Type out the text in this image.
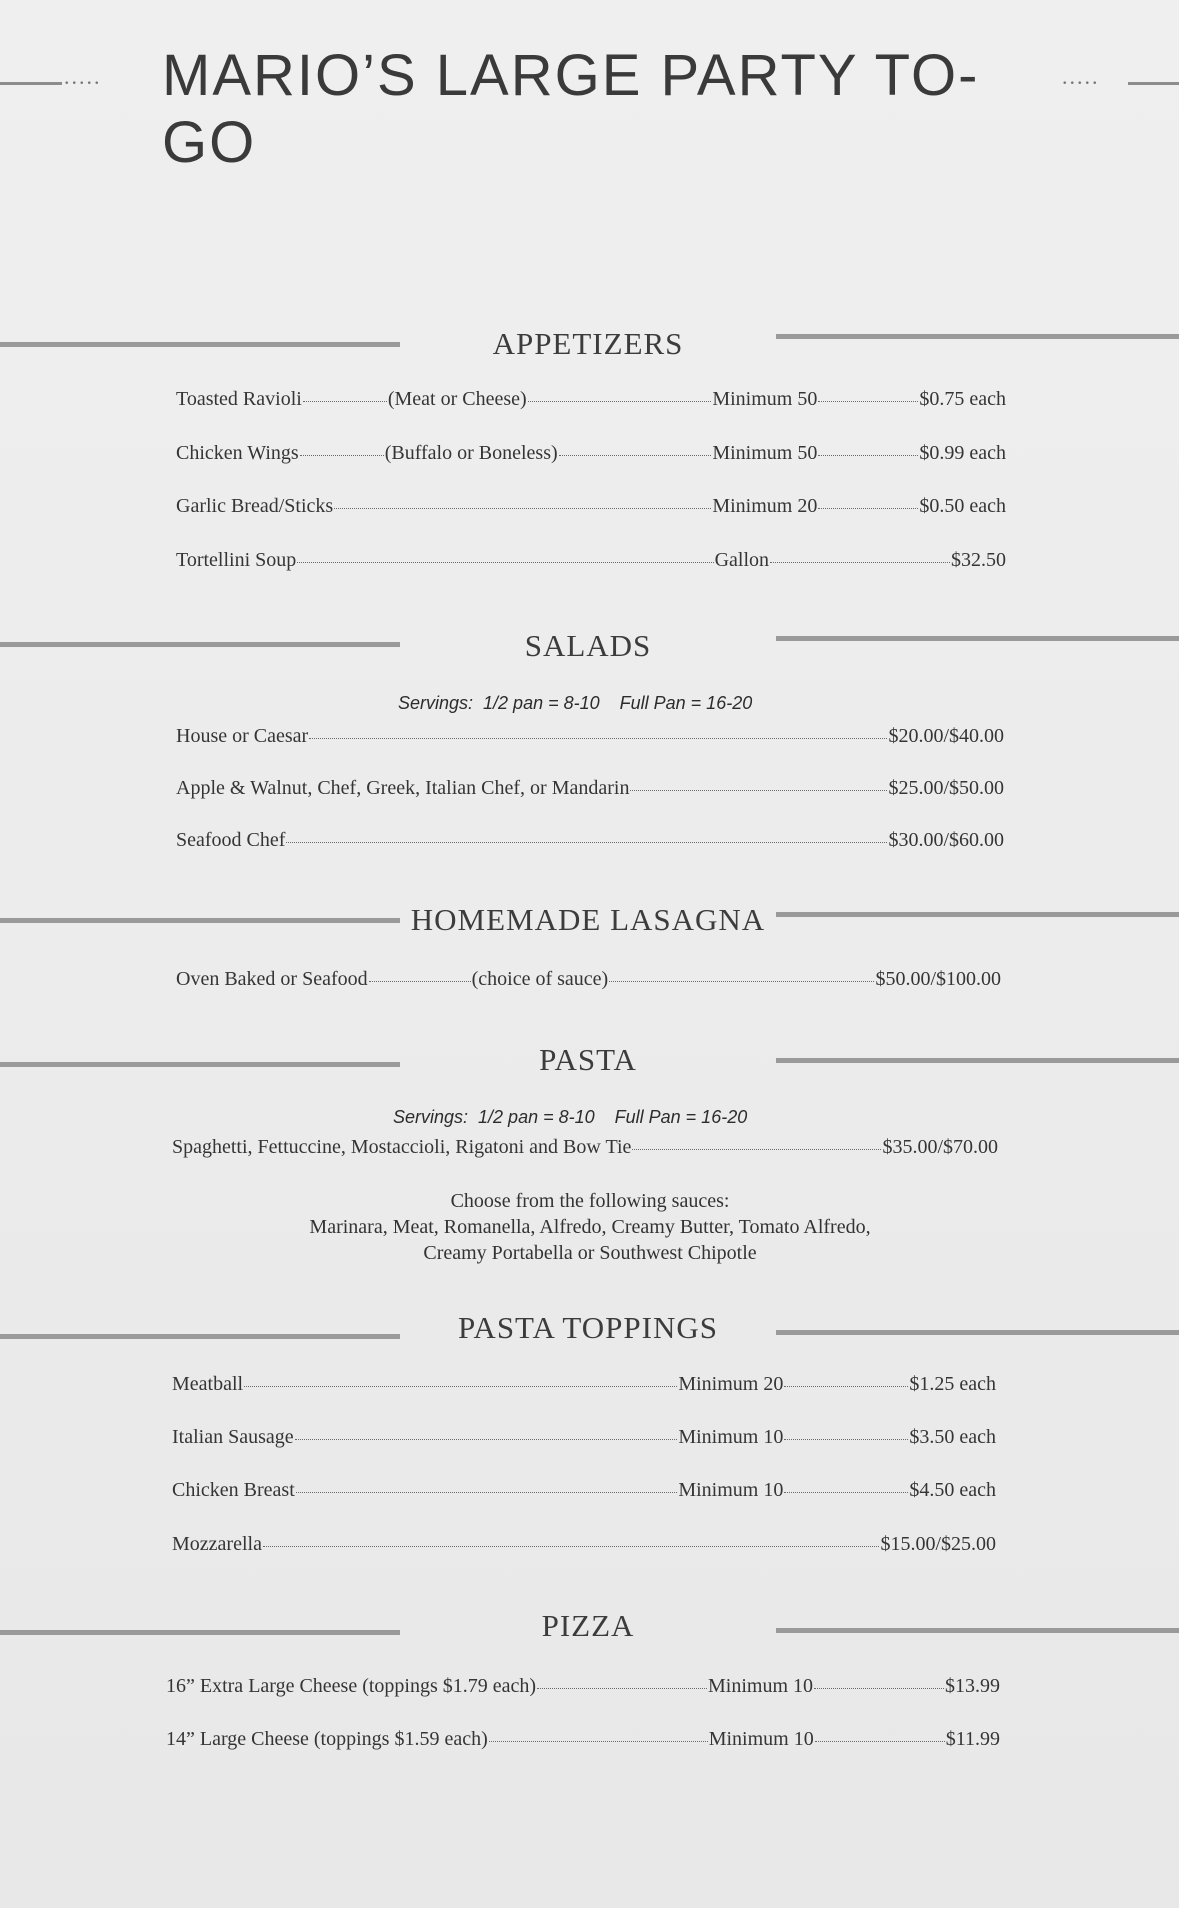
..... MARIO’S LARGE PARTY TO-GO
.....
APPETIZERS
Toasted Ravioli	(Meat or Cheese)	Minimum 50	$0.75 each
Chicken Wings	(Buffalo or Boneless)	Minimum 50	$0.99 each
Garlic Bread/Sticks	Minimum 20	$0.50 each
Tortellini Soup	Gallon	$32.50
SALADS
Servings:  1/2 pan = 8-10    Full Pan = 16-20
House or Caesar	$20.00/$40.00
Apple & Walnut, Chef, Greek, Italian Chef, or Mandarin	$25.00/$50.00
Seafood Chef	$30.00/$60.00
HOMEMADE LASAGNA
Oven Baked or Seafood	(choice of sauce)	$50.00/$100.00
PASTA
Servings:  1/2 pan = 8-10    Full Pan = 16-20
Spaghetti, Fettuccine, Mostaccioli, Rigatoni and Bow Tie	$35.00/$70.00
Choose from the following sauces:
Marinara, Meat, Romanella, Alfredo, Creamy Butter, Tomato Alfredo,
Creamy Portabella or Southwest Chipotle
PASTA TOPPINGS
Meatball	Minimum 20	$1.25 each
Italian Sausage	Minimum 10	$3.50 each
Chicken Breast	Minimum 10	$4.50 each
Mozzarella	$15.00/$25.00
PIZZA
16” Extra Large Cheese (toppings $1.79 each)	Minimum 10	$13.99
14” Large Cheese (toppings $1.59 each)	Minimum 10	$11.99
